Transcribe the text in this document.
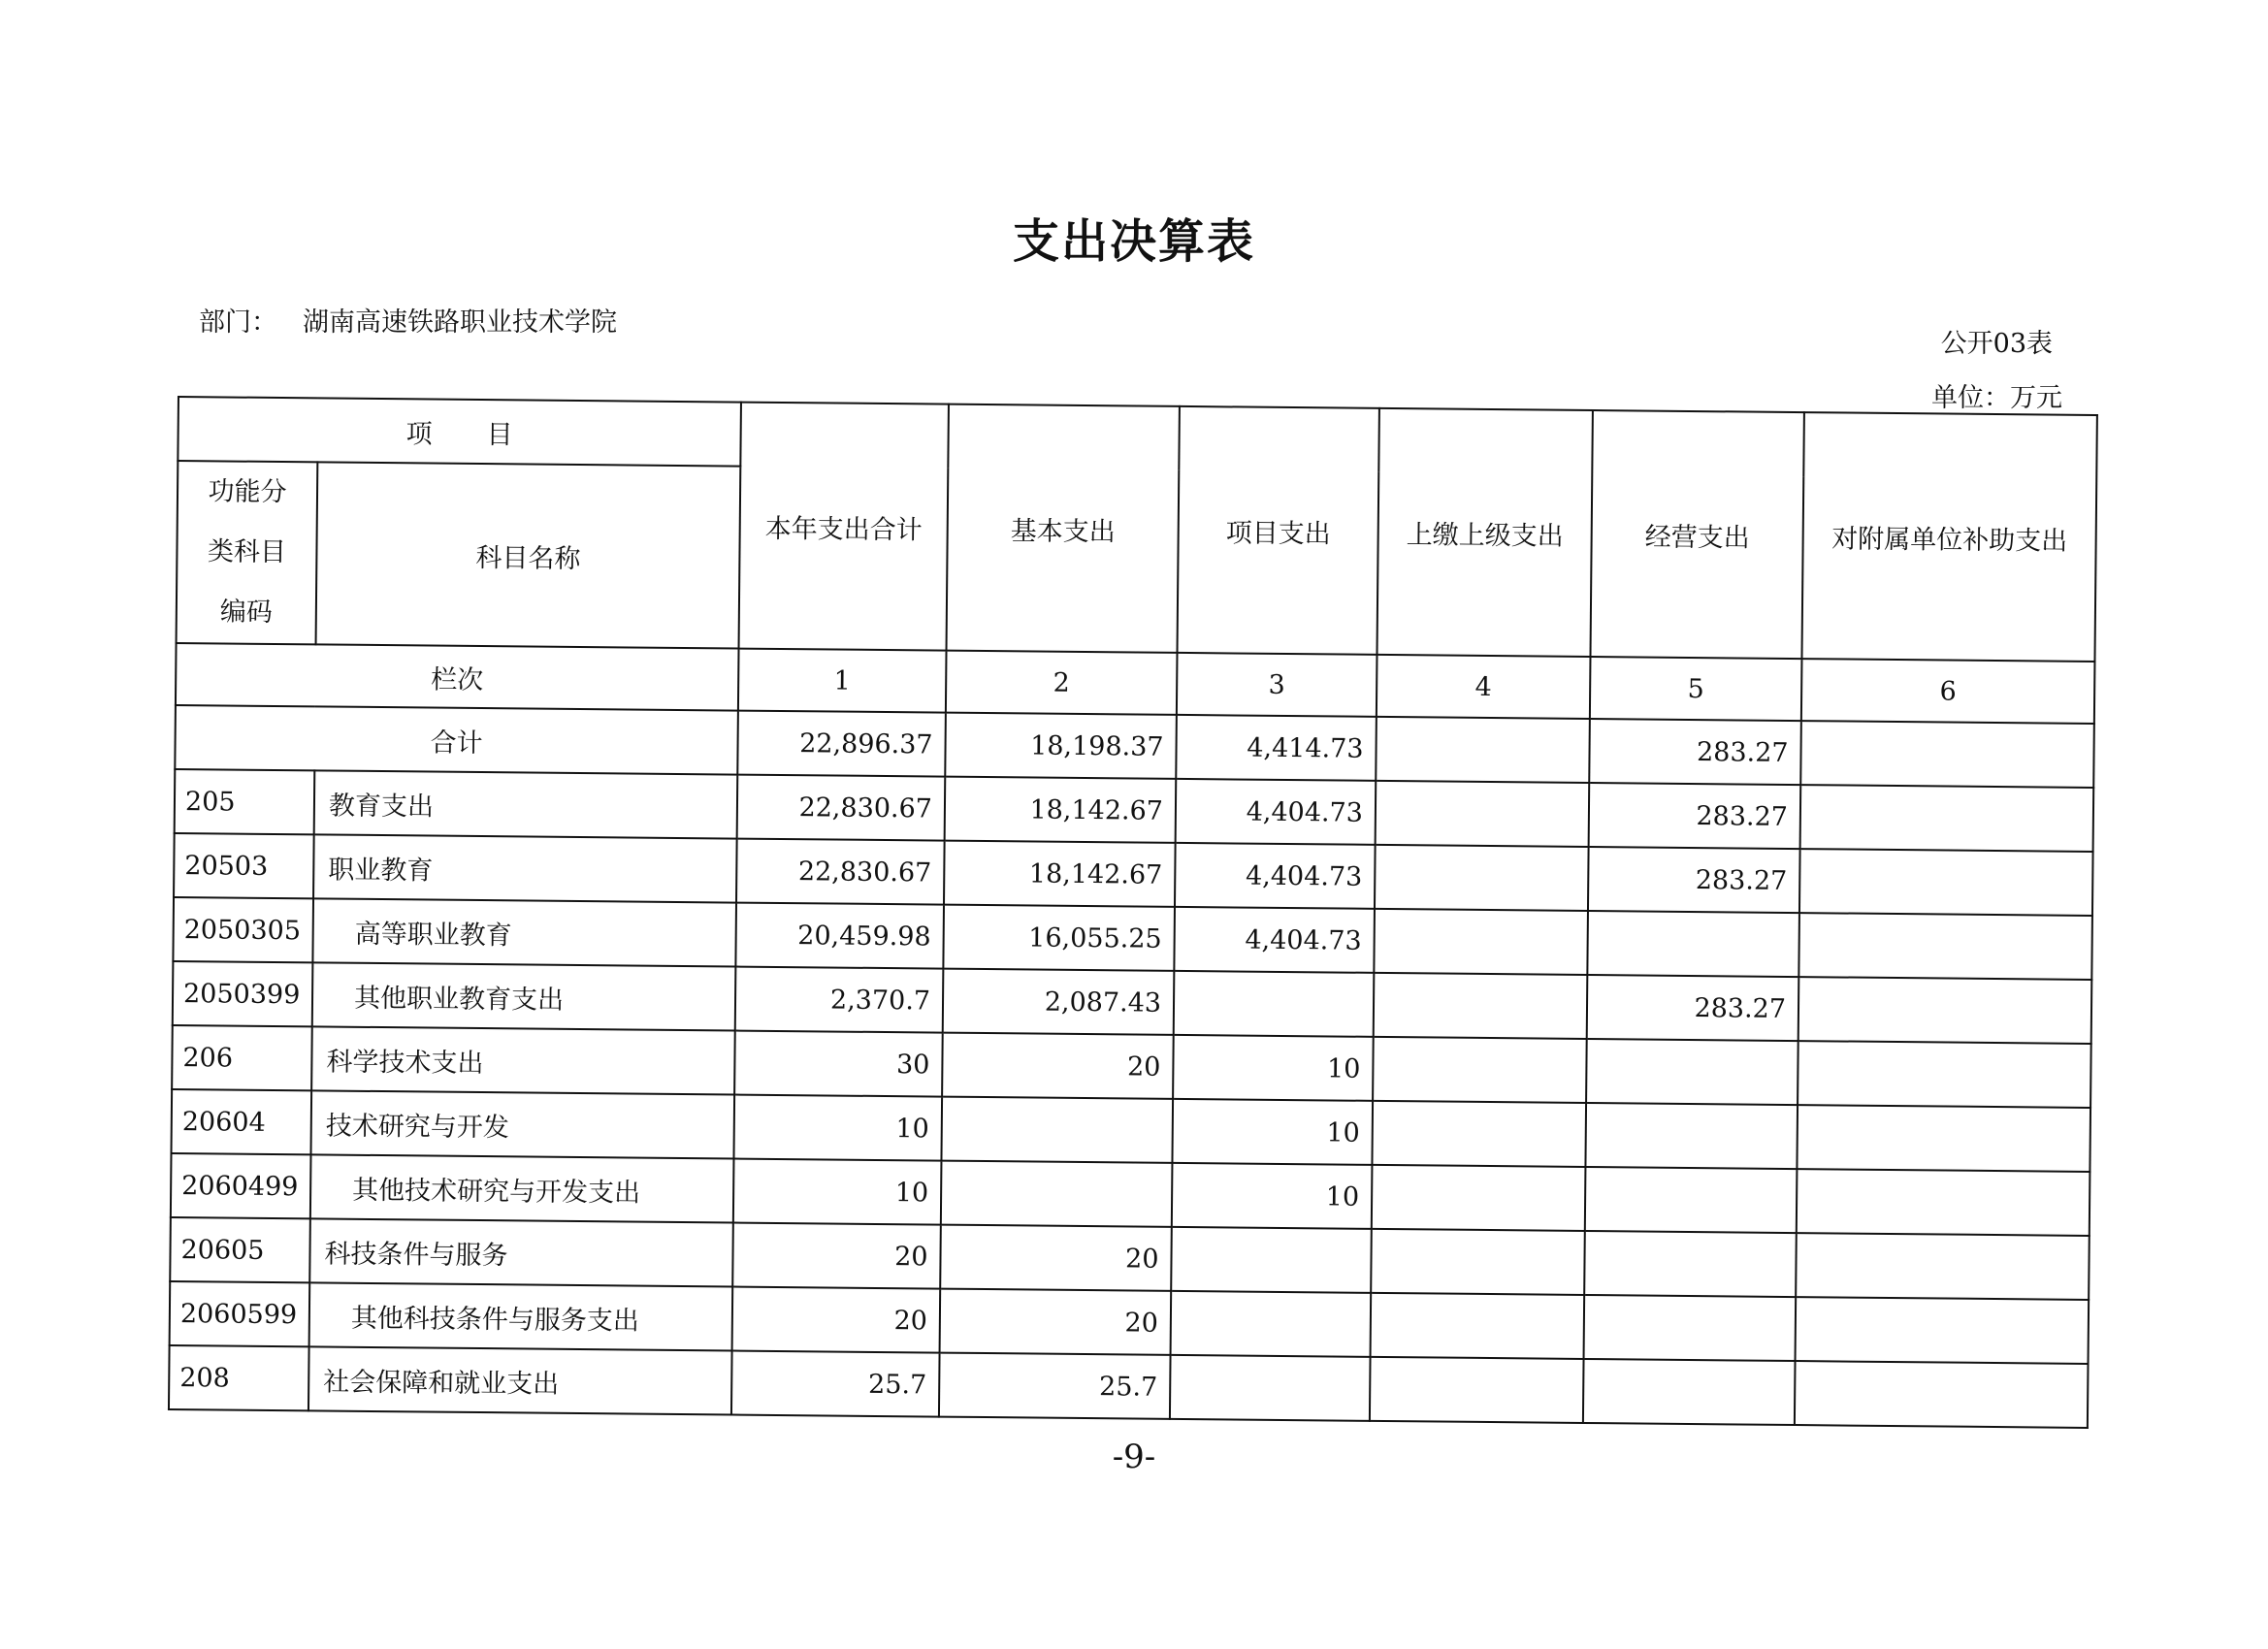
支出决算表
部门： 湖南高速铁路职业技术学院
公开03表
单位：万元
项 目		本年支出合计	基本支出	项目支出	上缴上级支出	经营支出	对附属单位补助支出

功能分
类科目
编码	科目名称						
栏次		1	2	3	4	5	6
合计		22,896.37	18,198.37	4,414.73		283.27	
205	教育支出	22,830.67	18,142.67	4,404.73		283.27	
20503	职业教育	22,830.67	18,142.67	4,404.73		283.27	
2050305	高等职业教育	20,459.98	16,055.25	4,404.73			
2050399	其他职业教育支出	2,370.7	2,087.43			283.27	
206	科学技术支出	30	20	10			
20604	技术研究与开发	10		10			
2060499	其他技术研究与开发支出	10		10			
20605	科技条件与服务	20	20				
2060599	其他科技条件与服务支出	20	20				
208	社会保障和就业支出	25.7	25.7				
-9-
